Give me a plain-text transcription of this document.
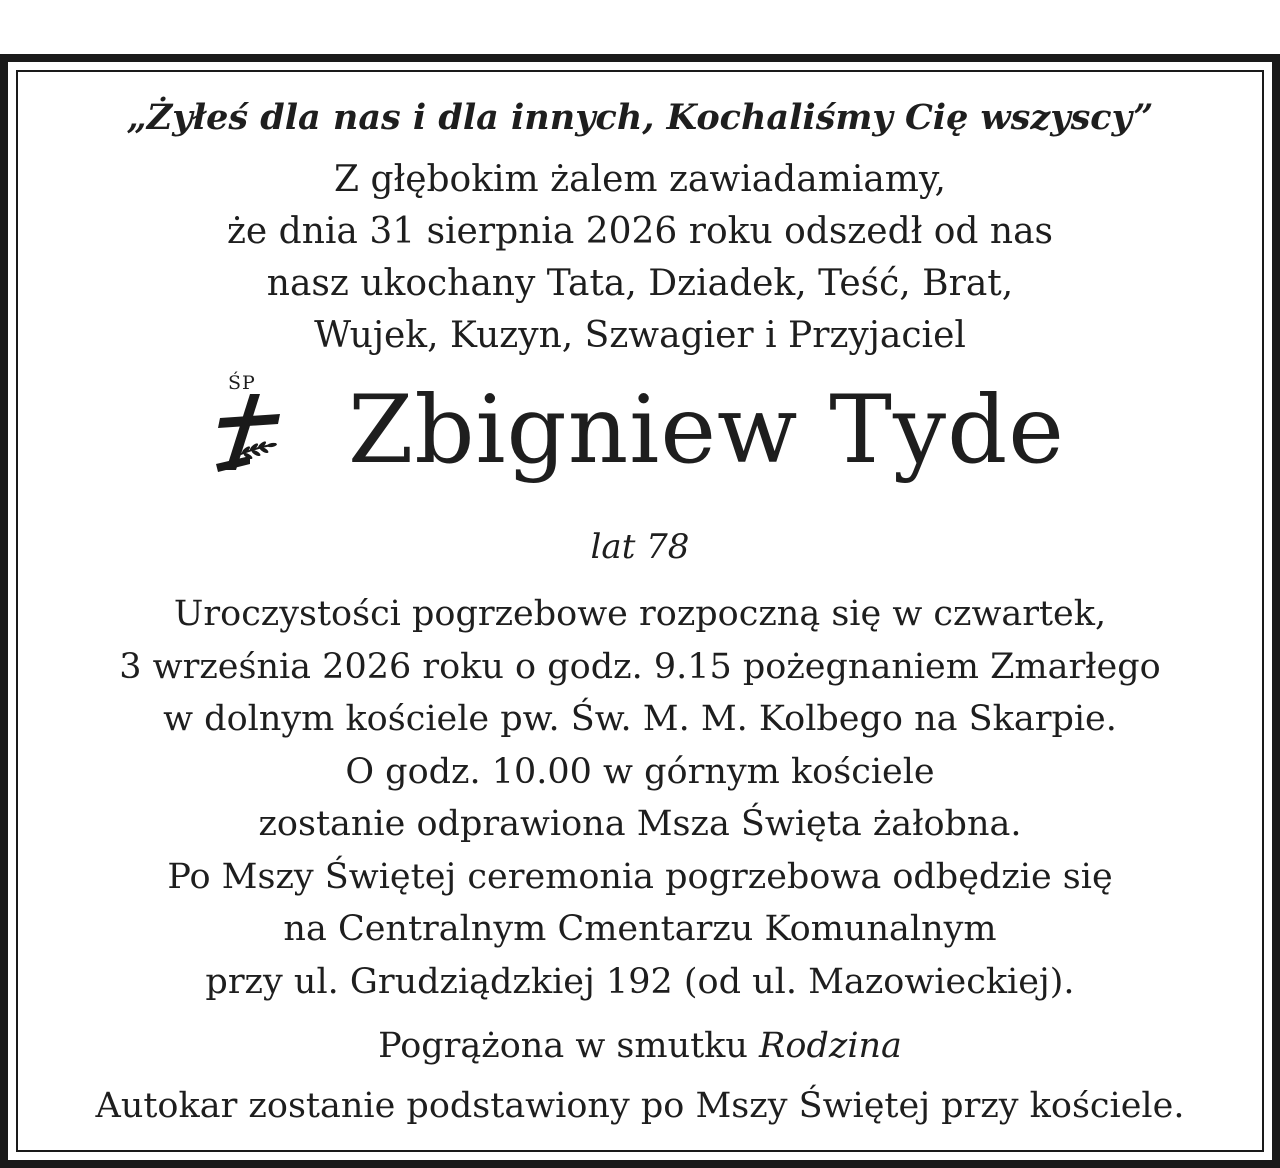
„Żyłeś dla nas i dla innych, Kochaliśmy Cię wszyscy”

Z głębokim żalem zawiadamiamy,
że dnia 31 sierpnia 2026 roku odszedł od nas
nasz ukochany Tata, Dziadek, Teść, Brat,
Wujek, Kuzyn, Szwagier i Przyjaciel

ŚP Zbigniew Tyde

lat 78

Uroczystości pogrzebowe rozpoczną się w czwartek,
3 września 2026 roku o godz. 9.15 pożegnaniem Zmarłego
w dolnym kościele pw. Św. M. M. Kolbego na Skarpie.
O godz. 10.00 w górnym kościele
zostanie odprawiona Msza Święta żałobna.
Po Mszy Świętej ceremonia pogrzebowa odbędzie się
na Centralnym Cmentarzu Komunalnym
przy ul. Grudziądzkiej 192 (od ul. Mazowieckiej).

Pogrążona w smutku Rodzina

Autokar zostanie podstawiony po Mszy Świętej przy kościele.
